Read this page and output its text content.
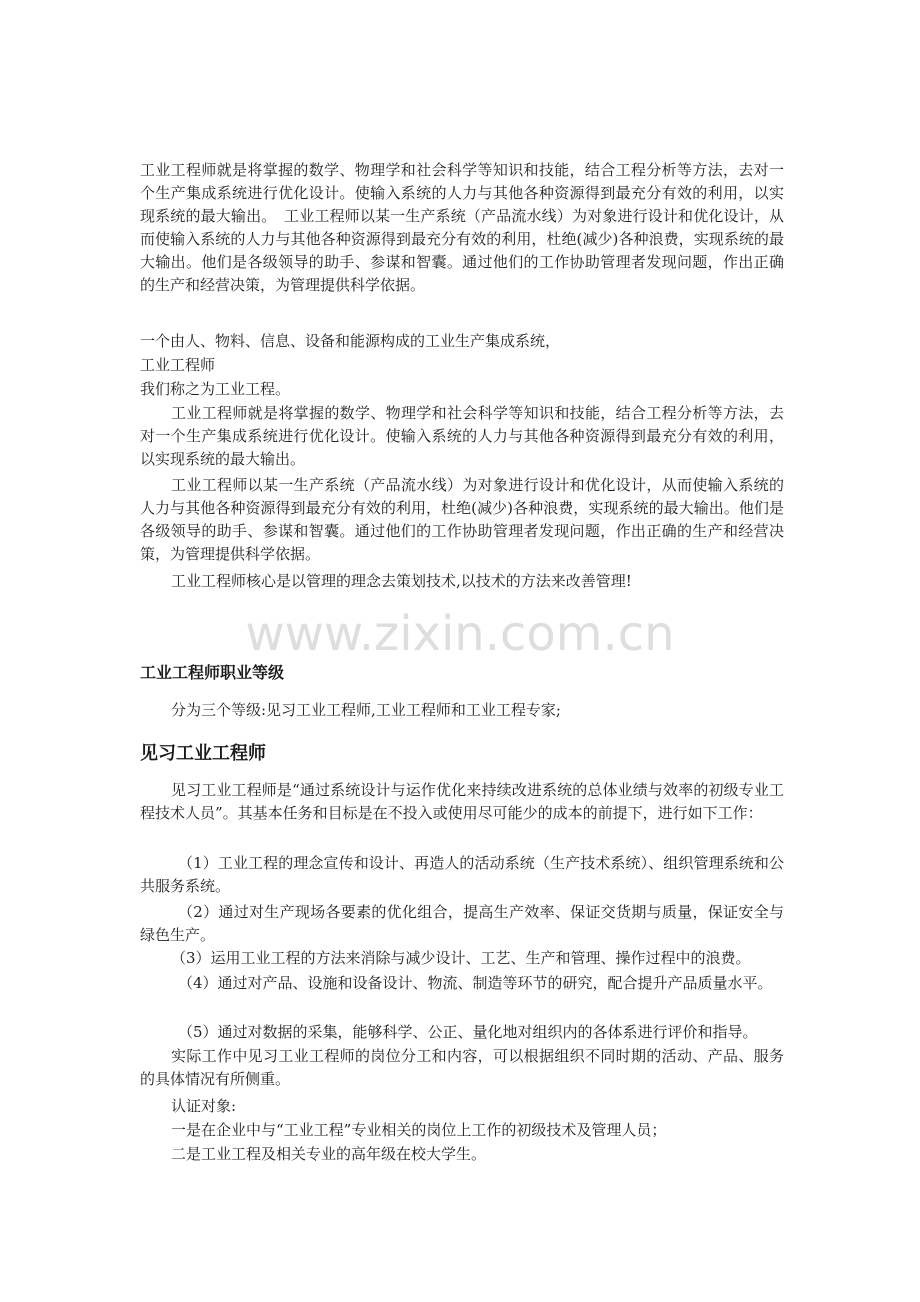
www.zixin.com.cn

工业工程师就是将掌握的数学、物理学和社会科学等知识和技能，结合工程分析等方法，去对一个生产集成系统进行优化设计。使输入系统的人力与其他各种资源得到最充分有效的利用，以实现系统的最大输出。　工业工程师以某一生产系统（产品流水线）为对象进行设计和优化设计，从而使输入系统的人力与其他各种资源得到最充分有效的利用，杜绝(减少)各种浪费，实现系统的最大输出。他们是各级领导的助手、参谋和智囊。通过他们的工作协助管理者发现问题，作出正确的生产和经营决策，为管理提供科学依据。

一个由人、物料、信息、设备和能源构成的工业生产集成系统，

工业工程师

我们称之为工业工程。

工业工程师就是将掌握的数学、物理学和社会科学等知识和技能，结合工程分析等方法，去对一个生产集成系统进行优化设计。使输入系统的人力与其他各种资源得到最充分有效的利用，以实现系统的最大输出。

工业工程师以某一生产系统（产品流水线）为对象进行设计和优化设计，从而使输入系统的人力与其他各种资源得到最充分有效的利用，杜绝(减少)各种浪费，实现系统的最大输出。他们是各级领导的助手、参谋和智囊。通过他们的工作协助管理者发现问题，作出正确的生产和经营决策，为管理提供科学依据。

工业工程师核心是以管理的理念去策划技术,以技术的方法来改善管理!

工业工程师职业等级

分为三个等级:见习工业工程师,工业工程师和工业工程专家;

见习工业工程师

见习工业工程师是“通过系统设计与运作优化来持续改进系统的总体业绩与效率的初级专业工程技术人员”。其基本任务和目标是在不投入或使用尽可能少的成本的前提下，进行如下工作：

（1）工业工程的理念宣传和设计、再造人的活动系统（生产技术系统）、组织管理系统和公共服务系统。

（2）通过对生产现场各要素的优化组合，提高生产效率、保证交货期与质量，保证安全与绿色生产。

（3）运用工业工程的方法来消除与减少设计、工艺、生产和管理、操作过程中的浪费。

（4）通过对产品、设施和设备设计、物流、制造等环节的研究，配合提升产品质量水平。

（5）通过对数据的采集，能够科学、公正、量化地对组织内的各体系进行评价和指导。

实际工作中见习工业工程师的岗位分工和内容，可以根据组织不同时期的活动、产品、服务的具体情况有所侧重。

认证对象:

一是在企业中与“工业工程”专业相关的岗位上工作的初级技术及管理人员；

二是工业工程及相关专业的高年级在校大学生。
